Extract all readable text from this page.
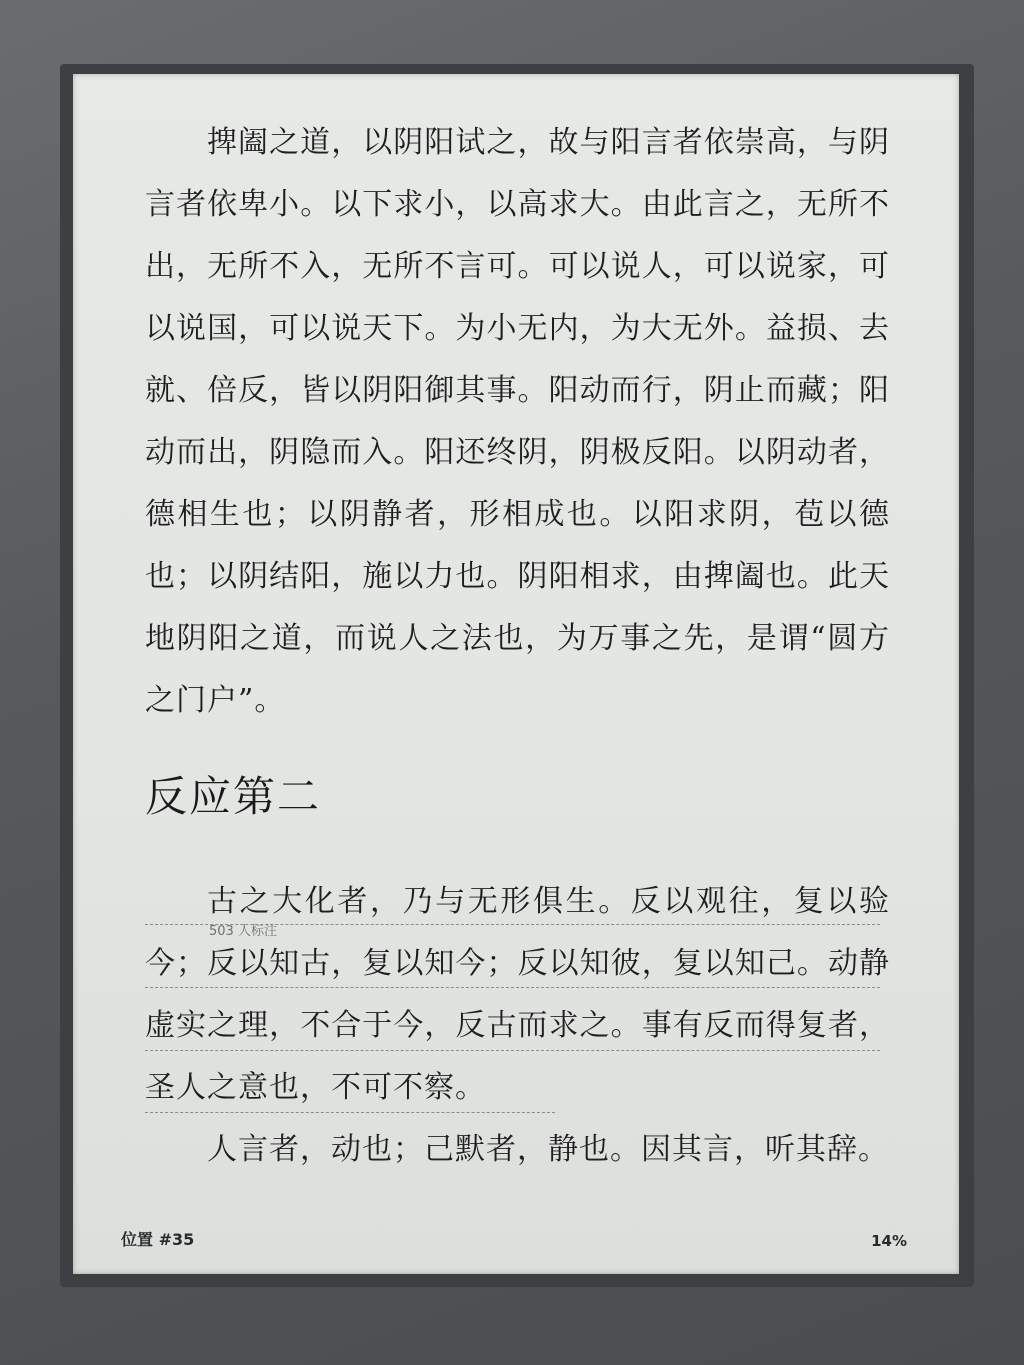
捭阖之道，以阴阳试之，故与阳言者依崇高，与阴言者依卑小。以下求小，以高求大。由此言之，无所不出，无所不入，无所不言可。可以说人，可以说家，可以说国，可以说天下。为小无内，为大无外。益损、去就、倍反，皆以阴阳御其事。阳动而行，阴止而藏；阳动而出，阴隐而入。阳还终阴，阴极反阳。以阴动者，德相生也；以阴静者，形相成也。以阳求阴，苞以德也；以阴结阳，施以力也。阴阳相求，由捭阖也。此天地阴阳之道，而说人之法也，为万事之先，是谓“圆方之门户”。

反应第二

古之大化者，乃与无形俱生。反以观往，复以验今；反以知古，复以知今；反以知彼，复以知己。动静虚实之理，不合于今，反古而求之。事有反而得复者，圣人之意也，不可不察。

503 人标注

人言者，动也；己默者，静也。因其言，听其辞。

位置 #35	14%
